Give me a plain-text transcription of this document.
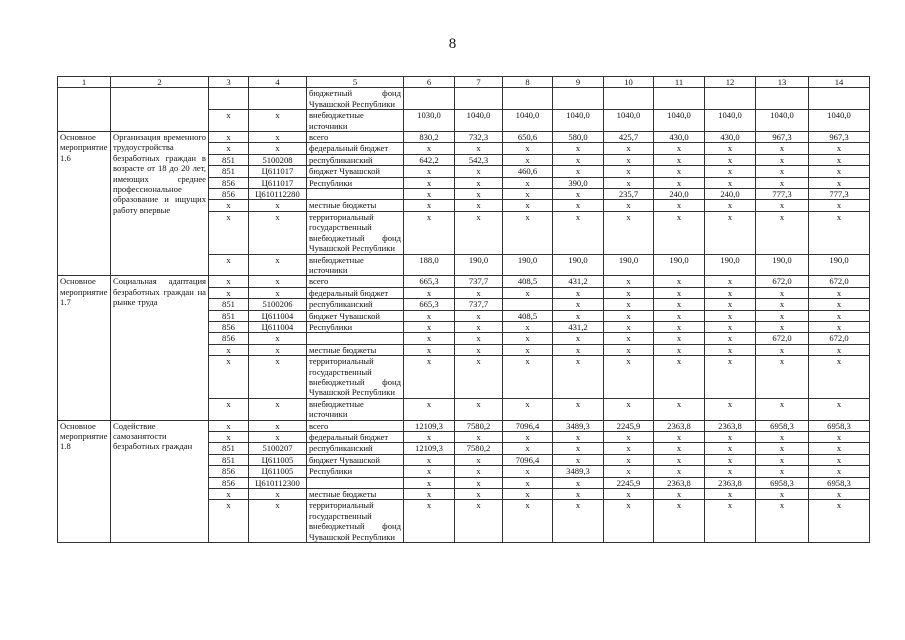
8
1	2	3	4	5	6	7	8	9	10	11	12	13	14
				бюджетный фонд Чувашской Республики									
		x	x	внебюджетные источники	1030,0	1040,0	1040,0	1040,0	1040,0	1040,0	1040,0	1040,0	1040,0
Основное мероприятие 1.6	Организация временного трудоустройства безработных граждан в возрасте от 18 до 20 лет, имеющих среднее профессиональное образование и ищущих работу впервые	x	x	всего	830,2	732,3	650,6	580,0	425,7	430,0	430,0	967,3	967,3
		x	x	федеральный бюджет	x	x	x	x	x	x	x	x	x
		851	5100208	республиканский	642,2	542,3	x	x	x	x	x	x	x
		851	Ц611017	бюджет Чувашской	x	x	460,6	x	x	x	x	x	x
		856	Ц611017	Республики	x	x	x	390,0	x	x	x	x	x
		856	Ц610112280		x	x	x	x	235,7	240,0	240,0	777,3	777,3
		x	x	местные бюджеты	x	x	x	x	x	x	x	x	x
		x	x	территориальный государственный внебюджетный фонд Чувашской Республики	x	x	x	x	x	x	x	x	x
		x	x	внебюджетные источники	188,0	190,0	190,0	190,0	190,0	190,0	190,0	190,0	190,0
Основное мероприятие 1.7	Социальная адаптация безработных граждан на рынке труда	x	x	всего	665,3	737,7	408,5	431,2	x	x	x	672,0	672,0
		x	x	федеральный бюджет	x	x	x	x	x	x	x	x	x
		851	5100206	республиканский	665,3	737,7		x	x	x	x	x	x
		851	Ц611004	бюджет Чувашской	x	x	408,5	x	x	x	x	x	x
		856	Ц611004	Республики	x	x	x	431,2	x	x	x	x	x
		856	x		x	x	x	x	x	x	x	672,0	672,0
		x	x	местные бюджеты	x	x	x	x	x	x	x	x	x
		x	x	территориальный государственный внебюджетный фонд Чувашской Республики	x	x	x	x	x	x	x	x	x
		x	x	внебюджетные источники	x	x	x	x	x	x	x	x	x
Основное мероприятие 1.8	Содействие самозанятости безработных граждан	x	x	всего	12109,3	7580,2	7096,4	3489,3	2245,9	2363,8	2363,8	6958,3	6958,3
		x	x	федеральный бюджет	x	x	x	x	x	x	x	x	x
		851	5100207	республиканский	12109,3	7580,2	x	x	x	x	x	x	x
		851	Ц611005	бюджет Чувашской	x	x	7096,4	x	x	x	x	x	x
		856	Ц611005	Республики	x	x	x	3489,3	x	x	x	x	x
		856	Ц610112300		x	x	x	x	2245,9	2363,8	2363,8	6958,3	6958,3
		x	x	местные бюджеты	x	x	x	x	x	x	x	x	x
		x	x	территориальный государственный внебюджетный фонд Чувашской Республики	x	x	x	x	x	x	x	x	x
